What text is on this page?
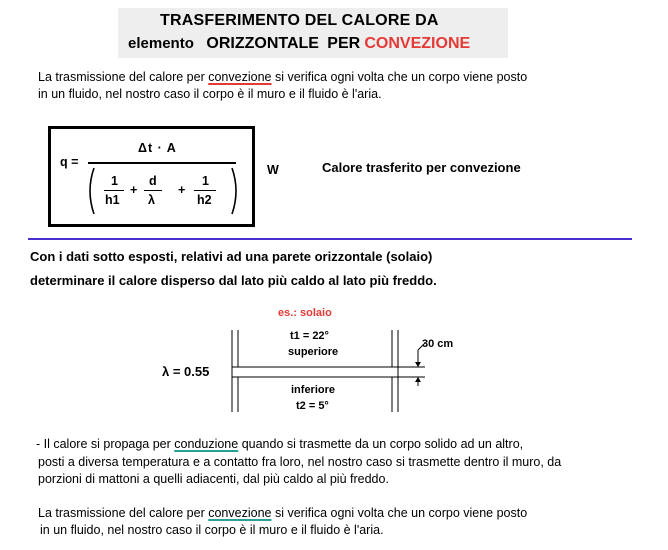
TRASFERIMENTO DEL CALORE DA
elemento ORIZZONTALE PER CONVEZIONE
La trasmissione del calore per convezione si verifica ogni volta che un corpo viene posto
in un fluido, nel nostro caso il corpo è il muro e il fluido è l'aria.
q =
Δt · A
1
h1
+
d
λ
+
1
h2
W	Calore trasferito per convezione
Con i dati sotto esposti, relativi ad una parete orizzontale (solaio)
determinare il calore disperso dal lato più caldo al lato più freddo.
es.: solaio
t1 = 22°
superiore
inferiore
t2 = 5°
λ = 0.55
30 cm
- Il calore si propaga per conduzione quando si trasmette da un corpo solido ad un altro,
posti a diversa temperatura e a contatto fra loro, nel nostro caso si trasmette dentro il muro, da
porzioni di mattoni a quelli adiacenti, dal più caldo al più freddo.
La trasmissione del calore per convezione si verifica ogni volta che un corpo viene posto
in un fluido, nel nostro caso il corpo è il muro e il fluido è l'aria.
